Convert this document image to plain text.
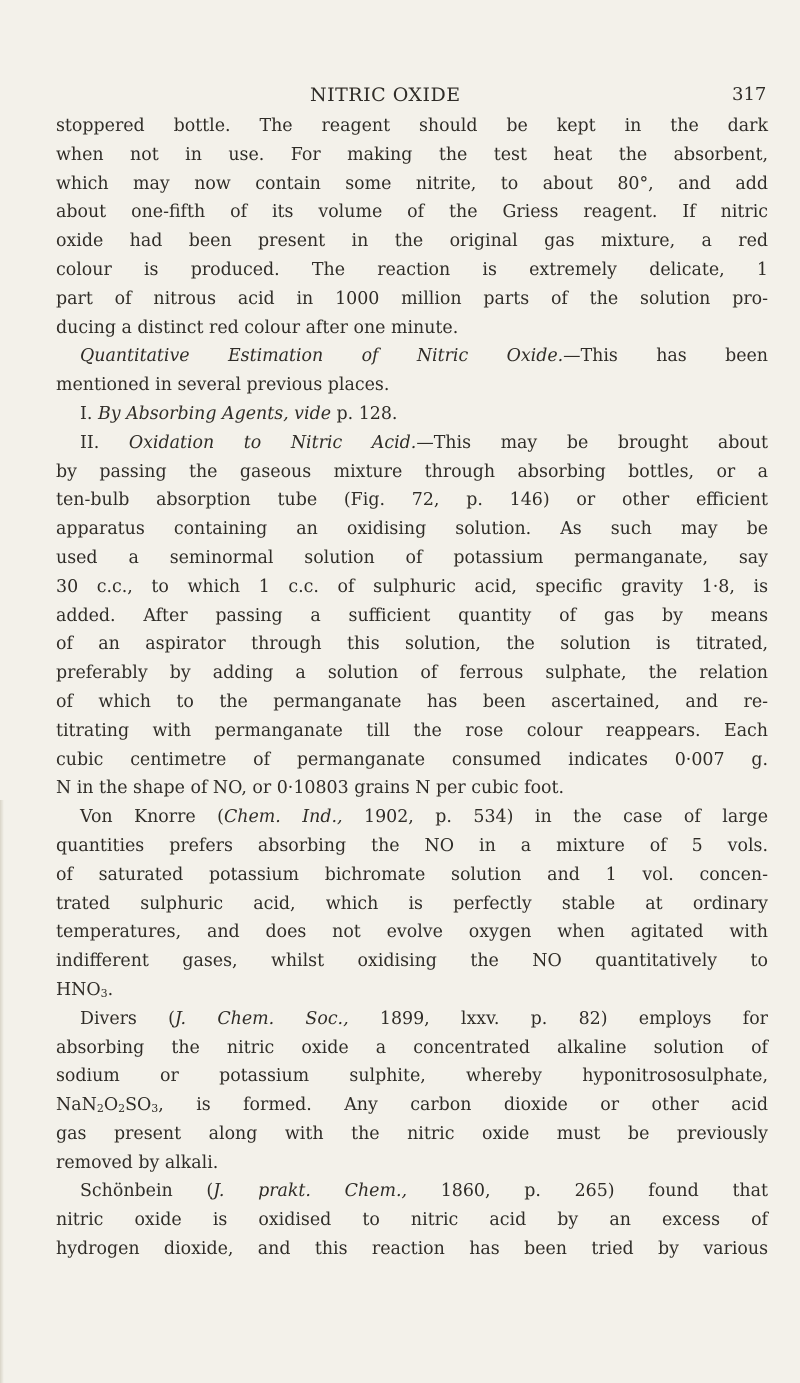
NITRIC OXIDE	317
stoppered bottle. The reagent should be kept in the dark
when not in use. For making the test heat the absorbent,
which may now contain some nitrite, to about 80°, and add
about one-fifth of its volume of the Griess reagent. If nitric
oxide had been present in the original gas mixture, a red
colour is produced. The reaction is extremely delicate, 1
part of nitrous acid in 1000 million parts of the solution pro-
ducing a distinct red colour after one minute.
Quantitative Estimation of Nitric Oxide.—This has been
mentioned in several previous places.
I. By Absorbing Agents, vide p. 128.
II. Oxidation to Nitric Acid.—This may be brought about
by passing the gaseous mixture through absorbing bottles, or a
ten-bulb absorption tube (Fig. 72, p. 146) or other efficient
apparatus containing an oxidising solution. As such may be
used a seminormal solution of potassium permanganate, say
30 c.c., to which 1 c.c. of sulphuric acid, specific gravity 1·8, is
added. After passing a sufficient quantity of gas by means
of an aspirator through this solution, the solution is titrated,
preferably by adding a solution of ferrous sulphate, the relation
of which to the permanganate has been ascertained, and re-
titrating with permanganate till the rose colour reappears. Each
cubic centimetre of permanganate consumed indicates 0·007 g.
N in the shape of NO, or 0·10803 grains N per cubic foot.
Von Knorre (Chem. Ind., 1902, p. 534) in the case of large
quantities prefers absorbing the NO in a mixture of 5 vols.
of saturated potassium bichromate solution and 1 vol. concen-
trated sulphuric acid, which is perfectly stable at ordinary
temperatures, and does not evolve oxygen when agitated with
indifferent gases, whilst oxidising the NO quantitatively to
$HNO_3$.
Divers (J. Chem. Soc., 1899, lxxv. p. 82) employs for
absorbing the nitric oxide a concentrated alkaline solution of
sodium or potassium sulphite, whereby hyponitrososulphate,
$NaN_2O_2SO_3$, is formed. Any carbon dioxide or other acid
gas present along with the nitric oxide must be previously
removed by alkali.
Schönbein (J. prakt. Chem., 1860, p. 265) found that
nitric oxide is oxidised to nitric acid by an excess of
hydrogen dioxide, and this reaction has been tried by various
